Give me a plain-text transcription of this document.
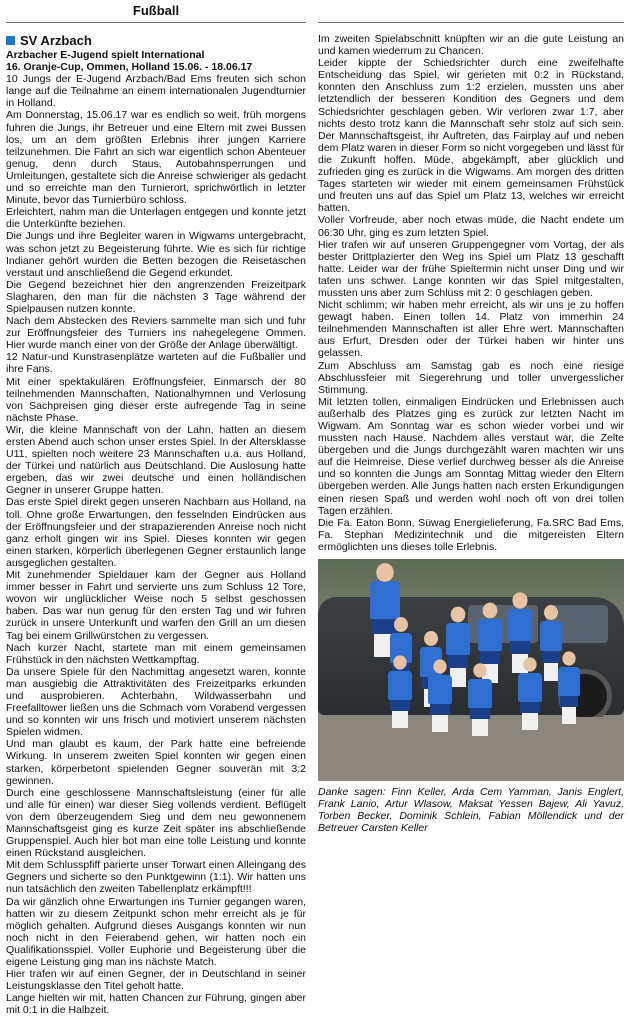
Fußball
SV Arzbach
Arzbacher E-Jugend spielt International
16. Oranje-Cup, Ommen, Holland 15.06. - 18.06.17

10 Jungs der E-Jugend Arzbach/Bad Ems freuten sich schon lange auf die Teilnahme an einem internationalen Jugendturnier in Holland.

Am Donnerstag, 15.06.17 war es endlich so weit, früh morgens fuhren die Jungs, ihr Betreuer und eine Eltern mit zwei Bussen los, um an dem größten Erlebnis ihrer jungen Karriere teilzunehmen. Die Fahrt an sich war eigentlich schon Abenteuer genug, denn durch Staus, Autobahnsperrungen und Umleitungen, gestaltete sich die Anreise schwieriger als gedacht und so erreichte man den Turnierort, sprichwörtlich in letzter Minute, bevor das Turnierbüro schloss.

Erleichtert, nahm man die Unterlagen entgegen und konnte jetzt die Unterkünfte beziehen.

Die Jungs und ihre Begleiter waren in Wigwams untergebracht, was schon jetzt zu Begeisterung führte. Wie es sich für richtige Indianer gehört wurden die Betten bezogen die Reisetaschen verstaut und anschließend die Gegend erkundet.

Die Gegend bezeichnet hier den angrenzenden Freizeitpark Slagharen, den man für die nächsten 3 Tage während der Spielpausen nutzen konnte.

Nach dem Abstecken des Reviers sammelte man sich und fuhr zur Eröffnungsfeier des Turniers ins nahegelegene Ommen. Hier wurde manch einer von der Größe der Anlage überwältigt.

12 Natur-und Kunstrasenplätze warteten auf die Fußballer und ihre Fans.

Mit einer spektakulären Eröffnungsfeier, Einmarsch der 80 teilnehmenden Mannschaften, Nationalhymnen und Verlosung von Sachpreisen ging dieser erste aufregende Tag in seine nächste Phase.

Wir, die kleine Mannschaft von der Lahn, hatten an diesem ersten Abend auch schon unser erstes Spiel. In der Altersklasse U11, spielten noch weitere 23 Mannschaften u.a. aus Holland, der Türkei und natürlich aus Deutschland. Die Auslosung hatte ergeben, das wir zwei deutsche und einen holländischen Gegner in unserer Gruppe hatten.

Das erste Spiel direkt gegen unseren Nachbarn aus Holland, na toll. Ohne große Erwartungen, den fesselnden Eindrücken aus der Eröffnungsfeier und der strapazierenden Anreise noch nicht ganz erholt gingen wir ins Spiel. Dieses konnten wir gegen einen starken, körperlich überlegenen Gegner erstaunlich lange ausgeglichen gestalten.

Mit zunehmender Spieldauer kam der Gegner aus Holland immer besser in Fahrt und servierte uns zum Schluss 12 Tore, wovon wir unglücklicher Weise noch 5 selbst geschossen haben. Das war nun genug für den ersten Tag und wir fuhren zurück in unsere Unterkunft und warfen den Grill an um diesen Tag bei einem Grillwürstchen zu vergessen.

Nach kurzer Nacht, startete man mit einem gemeinsamen Frühstück in den nächsten Wettkampftag.

Da unsere Spiele für den Nachmittag angesetzt waren, konnte man ausgiebig die Attraktivitäten des Freizeitparks erkunden und ausprobieren. Achterbahn, Wildwasserbahn und Freefalltower ließen uns die Schmach vom Vorabend vergessen und so konnten wir uns frisch und motiviert unserem nächsten Spielen widmen.

Und man glaubt es kaum, der Park hatte eine befreiende Wirkung. In unserem zweiten Spiel konnten wir gegen einen starken, körperbetont spielenden Gegner souverän mit 3:2 gewinnen.

Durch eine geschlossene Mannschaftsleistung (einer für alle und alle für einen) war dieser Sieg vollends verdient. Beflügelt von dem überzeugendem Sieg und dem neu gewonnenem Mannschaftsgeist ging es kurze Zeit später ins abschließende Gruppenspiel. Auch hier bot man eine tolle Leistung und konnte einen Rückstand ausgleichen.

Mit dem Schlusspfiff parierte unser Torwart einen Alleingang des Gegners und sicherte so den Punktgewinn (1:1). Wir hatten uns nun tatsächlich den zweiten Tabellenplatz erkämpft!!!

Da wir gänzlich ohne Erwartungen ins Turnier gegangen waren, hatten wir zu diesem Zeitpunkt schon mehr erreicht als je für möglich gehalten. Aufgrund dieses Ausgangs konnten wir nun noch nicht in den Feierabend gehen, wir hatten noch ein Qualifikationsspiel. Voller Euphorie und Begeisterung über die eigene Leistung ging man ins nächste Match.

Hier trafen wir auf einen Gegner, der in Deutschland in seiner Leistungsklasse den Titel geholt hatte.

Lange hielten wir mit, hatten Chancen zur Führung, gingen aber mit 0:1 in die Halbzeit.

Im zweiten Spielabschnitt knüpften wir an die gute Leistung an und kamen wiederrum zu Chancen.

Leider kippte der Schiedsrichter durch eine zweifelhafte Entscheidung das Spiel, wir gerieten mit 0:2 in Rückstand, konnten den Anschluss zum 1:2 erzielen, mussten uns aber letztendlich der besseren Kondition des Gegners und dem Schiedsrichter geschlagen geben. Wir verloren zwar 1:7, aber nichts desto trotz kann die Mannschaft sehr stolz auf sich sein. Der Mannschaftsgeist, ihr Auftreten, das Fairplay auf und neben dem Platz waren in dieser Form so nicht vorgegeben und lässt für die Zukunft hoffen. Müde, abgekämpft, aber glücklich und zufrieden ging es zurück in die Wigwams. Am morgen des dritten Tages starteten wir wieder mit einem gemeinsamen Frühstück und freuten uns auf das Spiel um Platz 13, welches wir erreicht hatten.

Voller Vorfreude, aber noch etwas müde, die Nacht endete um 06:30 Uhr, ging es zum letzten Spiel.

Hier trafen wir auf unseren Gruppengegner vom Vortag, der als bester Drittplazierter den Weg ins Spiel um Platz 13 geschafft hatte. Leider war der frühe Spieltermin nicht unser Ding und wir taten uns schwer. Lange konnten wir das Spiel mitgestalten, mussten uns aber zum Schluss mit 2: 0 geschlagen geben.

Nicht schlimm; wir haben mehr erreicht, als wir uns je zu hoffen gewagt haben. Einen tollen 14. Platz von immerhin 24 teilnehmenden Mannschaften ist aller Ehre wert. Mannschaften aus Erfurt, Dresden oder der Türkei haben wir hinter uns gelassen.

Zum Abschluss am Samstag gab es noch eine riesige Abschlussfeier mit Siegerehrung und toller unvergesslicher Stimmung.

Mit letzten tollen, einmaligen Eindrücken und Erlebnissen auch außerhalb des Platzes ging es zurück zur letzten Nacht im Wigwam. Am Sonntag war es schon wieder vorbei und wir mussten nach Hause. Nachdem alles verstaut war, die Zelte übergeben und die Jungs durchgezählt waren machten wir uns auf die Heimreise. Diese verlief durchweg besser als die Anreise und so konnten die Jungs am Sonntag Mittag wieder den Eltern übergeben werden. Alle Jungs hatten nach ersten Erkundigungen einen riesen Spaß und werden wohl noch oft von drei tollen Tagen erzählen.

Die Fa. Eaton Bonn, Süwag Energielieferung, Fa.SRC Bad Ems, Fa. Stephan Medizintechnik und die mitgereisten Eltern ermöglichten uns dieses tolle Erlebnis.

Danke sagen: Finn Keller, Arda Cem Yamman, Janis Englert, Frank Lanio, Artur Wlasow, Maksat Yessen Bajew, Ali Yavuz, Torben Becker, Dominik Schlein, Fabian Möllendick und der Betreuer Carsten Keller
